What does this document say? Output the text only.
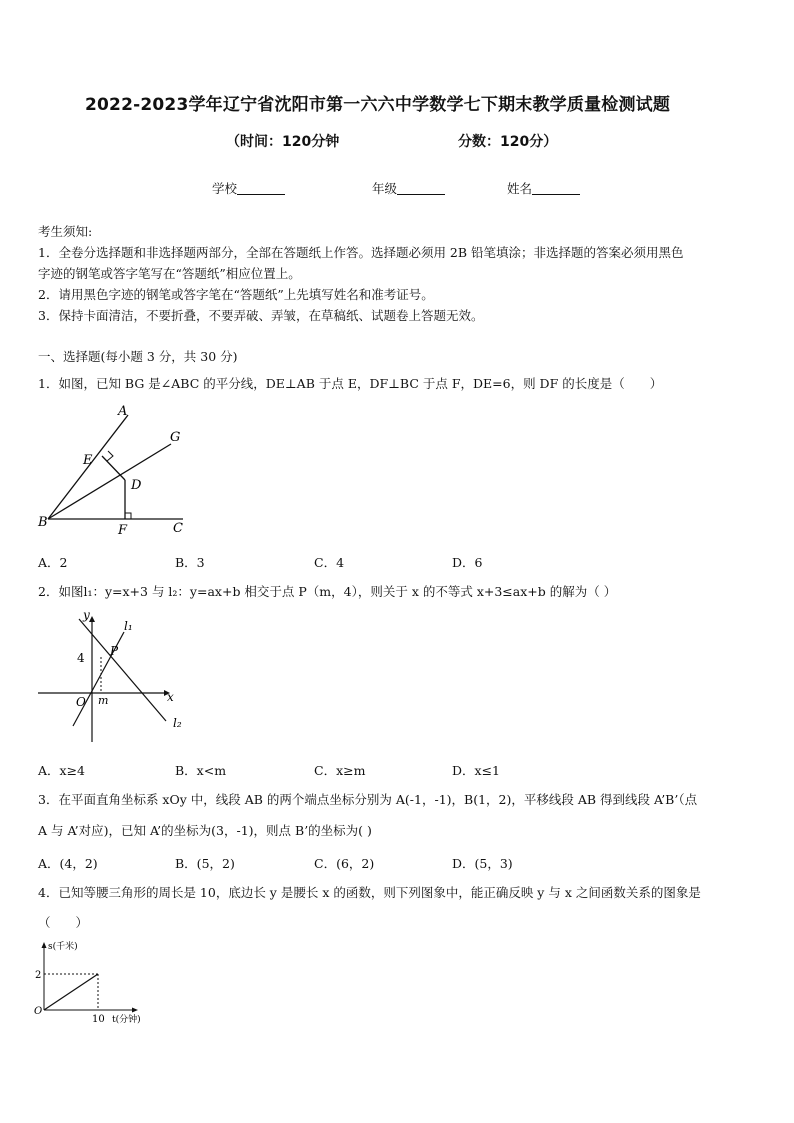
2022-2023学年辽宁省沈阳市第一六六中学数学七下期末教学质量检测试题
（时间：120分钟	分数：120分）
学校	年级	姓名
考生须知:
1．全卷分选择题和非选择题两部分，全部在答题纸上作答。选择题必须用 2B 铅笔填涂；非选择题的答案必须用黑色
字迹的钢笔或答字笔写在“答题纸”相应位置上。
2．请用黑色字迹的钢笔或答字笔在“答题纸”上先填写姓名和准考证号。
3．保持卡面清洁，不要折叠，不要弄破、弄皱，在草稿纸、试题卷上答题无效。
一、选择题(每小题 3 分，共 30 分)
1．如图，已知 BG 是∠ABC 的平分线，DE⊥AB 于点 E，DF⊥BC 于点 F，DE=6，则 DF 的长度是（　　）
A
B	C
D
E
F
G
A．2	B．3	C．4	D．6
2．如图l₁：y=x+3 与 l₂：y=ax+b 相交于点 P（m，4），则关于 x 的不等式 x+3≤ax+b 的解为（ ）
y
x
l₁
l₂
P
O m
4
A．x≥4	B．x<m	C．x≥m	D．x≤1
3．在平面直角坐标系 xOy 中，线段 AB 的两个端点坐标分别为 A(-1，-1)，B(1，2)，平移线段 AB 得到线段 A’B’（点
A 与 A’对应)，已知 A’的坐标为(3，-1)，则点 B’的坐标为( )
A．(4，2)	B．(5，2)	C．(6，2)	D．(5，3)
4．已知等腰三角形的周长是 10，底边长 y 是腰长 x 的函数，则下列图象中，能正确反映 y 与 x 之间函数关系的图象是
（　　）
s(千米)
t(分钟)
O
2
10
